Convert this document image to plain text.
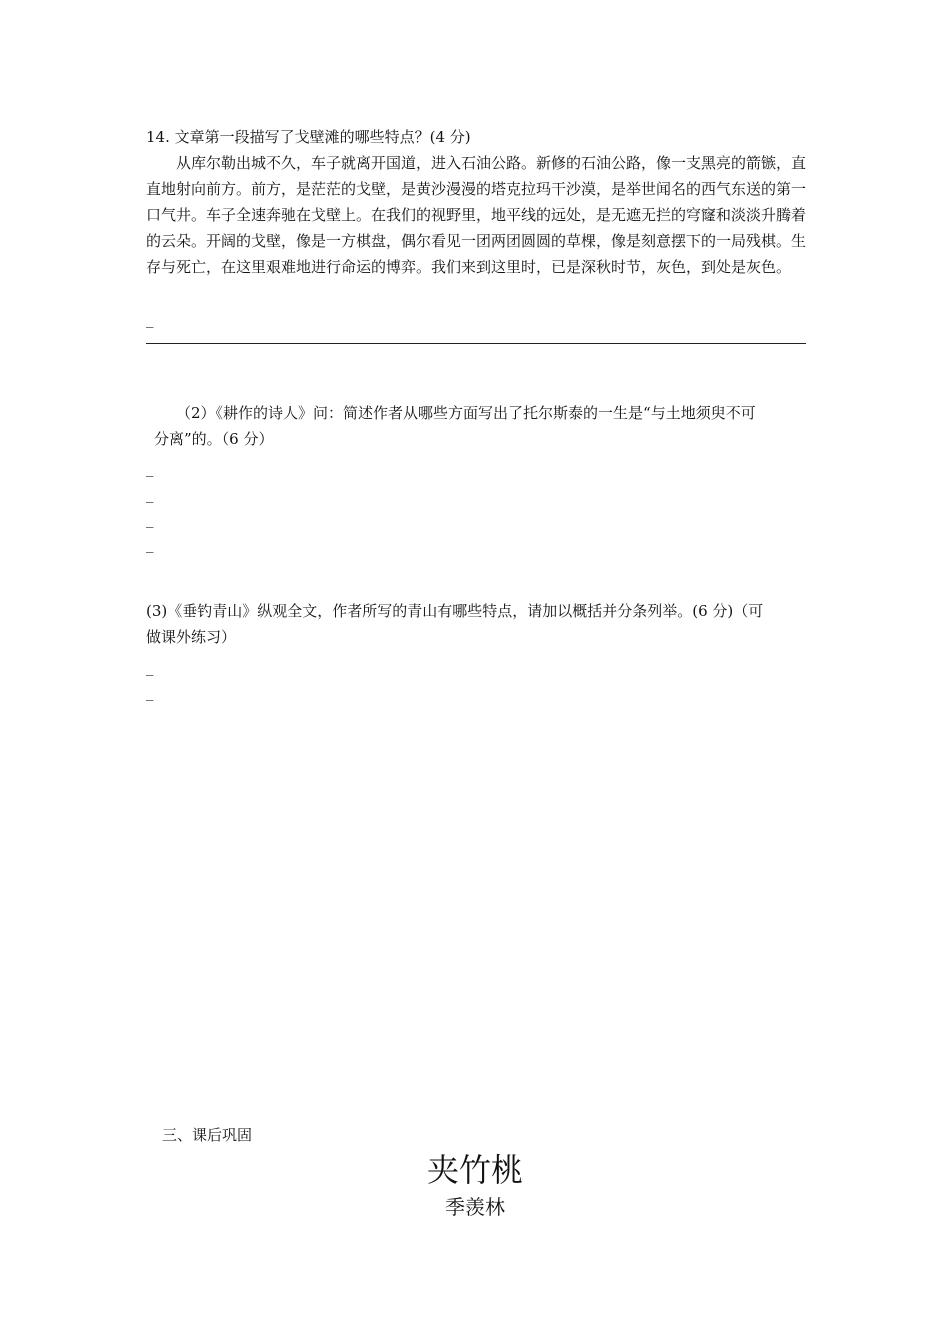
14. 文章第一段描写了戈壁滩的哪些特点？(4 分)
从库尔勒出城不久，车子就离开国道，进入石油公路。新修的石油公路，像一支黑亮的箭镞，直直地射向前方。前方，是茫茫的戈壁，是黄沙漫漫的塔克拉玛干沙漠，是举世闻名的西气东送的第一口气井。车子全速奔驰在戈壁上。在我们的视野里，地平线的远处，是无遮无拦的穹窿和淡淡升腾着的云朵。开阔的戈壁，像是一方棋盘，偶尔看见一团两团圆圆的草棵，像是刻意摆下的一局残棋。生存与死亡，在这里艰难地进行命运的博弈。我们来到这里时，已是深秋时节，灰色，到处是灰色。
_
（2）《耕作的诗人》问：简述作者从哪些方面写出了托尔斯泰的一生是“与土地须臾不可
分离”的。（6 分）
_
_
_
_
(3)《垂钓青山》纵观全文，作者所写的青山有哪些特点，请加以概括并分条列举。(6 分)（可
做课外练习）
_
_
三、课后巩固
夹竹桃
季羡林
